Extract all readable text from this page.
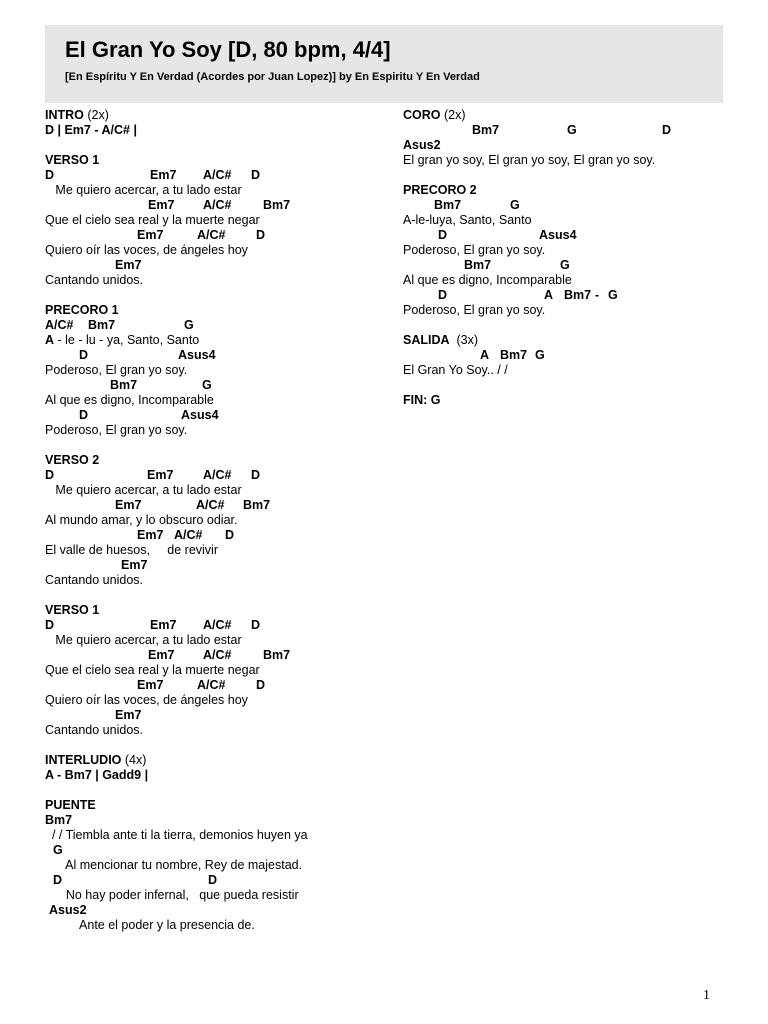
El Gran Yo Soy [D, 80 bpm, 4/4]
[En Espíritu Y En Verdad (Acordes por Juan Lopez)] by En Espiritu Y En Verdad
INTRO (2x)
D | Em7 - A/C# |
VERSO 1
D	Em7 A/C# D
Me quiero acercar, a tu lado estar
Em7 A/C#	Bm7
Que el cielo sea real y la muerte negar
Em7	A/C# D
Quiero oír las voces, de ángeles hoy
Em7
Cantando unidos.
PRECORO 1
A/C# Bm7	G
A - le - lu - ya, Santo, Santo
D	Asus4
Poderoso, El gran yo soy.
Bm7	G
Al que es digno, Incomparable
D	Asus4
Poderoso, El gran yo soy.
VERSO 2
D	Em7 A/C# D
Me quiero acercar, a tu lado estar
Em7	A/C# Bm7
Al mundo amar, y lo obscuro odiar.
Em7 A/C# D
El valle de huesos,     de revivir
Em7
Cantando unidos.
VERSO 1
D	Em7 A/C# D
Me quiero acercar, a tu lado estar
Em7 A/C#	Bm7
Que el cielo sea real y la muerte negar
Em7	A/C# D
Quiero oír las voces, de ángeles hoy
Em7
Cantando unidos.
INTERLUDIO (4x)
A - Bm7 | Gadd9 |
PUENTE
Bm7
/ / Tiembla ante ti la tierra, demonios huyen ya
G
Al mencionar tu nombre, Rey de majestad.
D	D
No hay poder infernal,   que pueda resistir
Asus2
Ante el poder y la presencia de.
CORO (2x)
Bm7	G	D
Asus2
El gran yo soy, El gran yo soy, El gran yo soy.
PRECORO 2
Bm7	G
A-le-luya, Santo, Santo
D	Asus4
Poderoso, El gran yo soy.
Bm7	G
Al que es digno, Incomparable
D	A Bm7 - G
Poderoso, El gran yo soy.
SALIDA  (3x)
A Bm7 G
El Gran Yo Soy.. / /
FIN: G
1
